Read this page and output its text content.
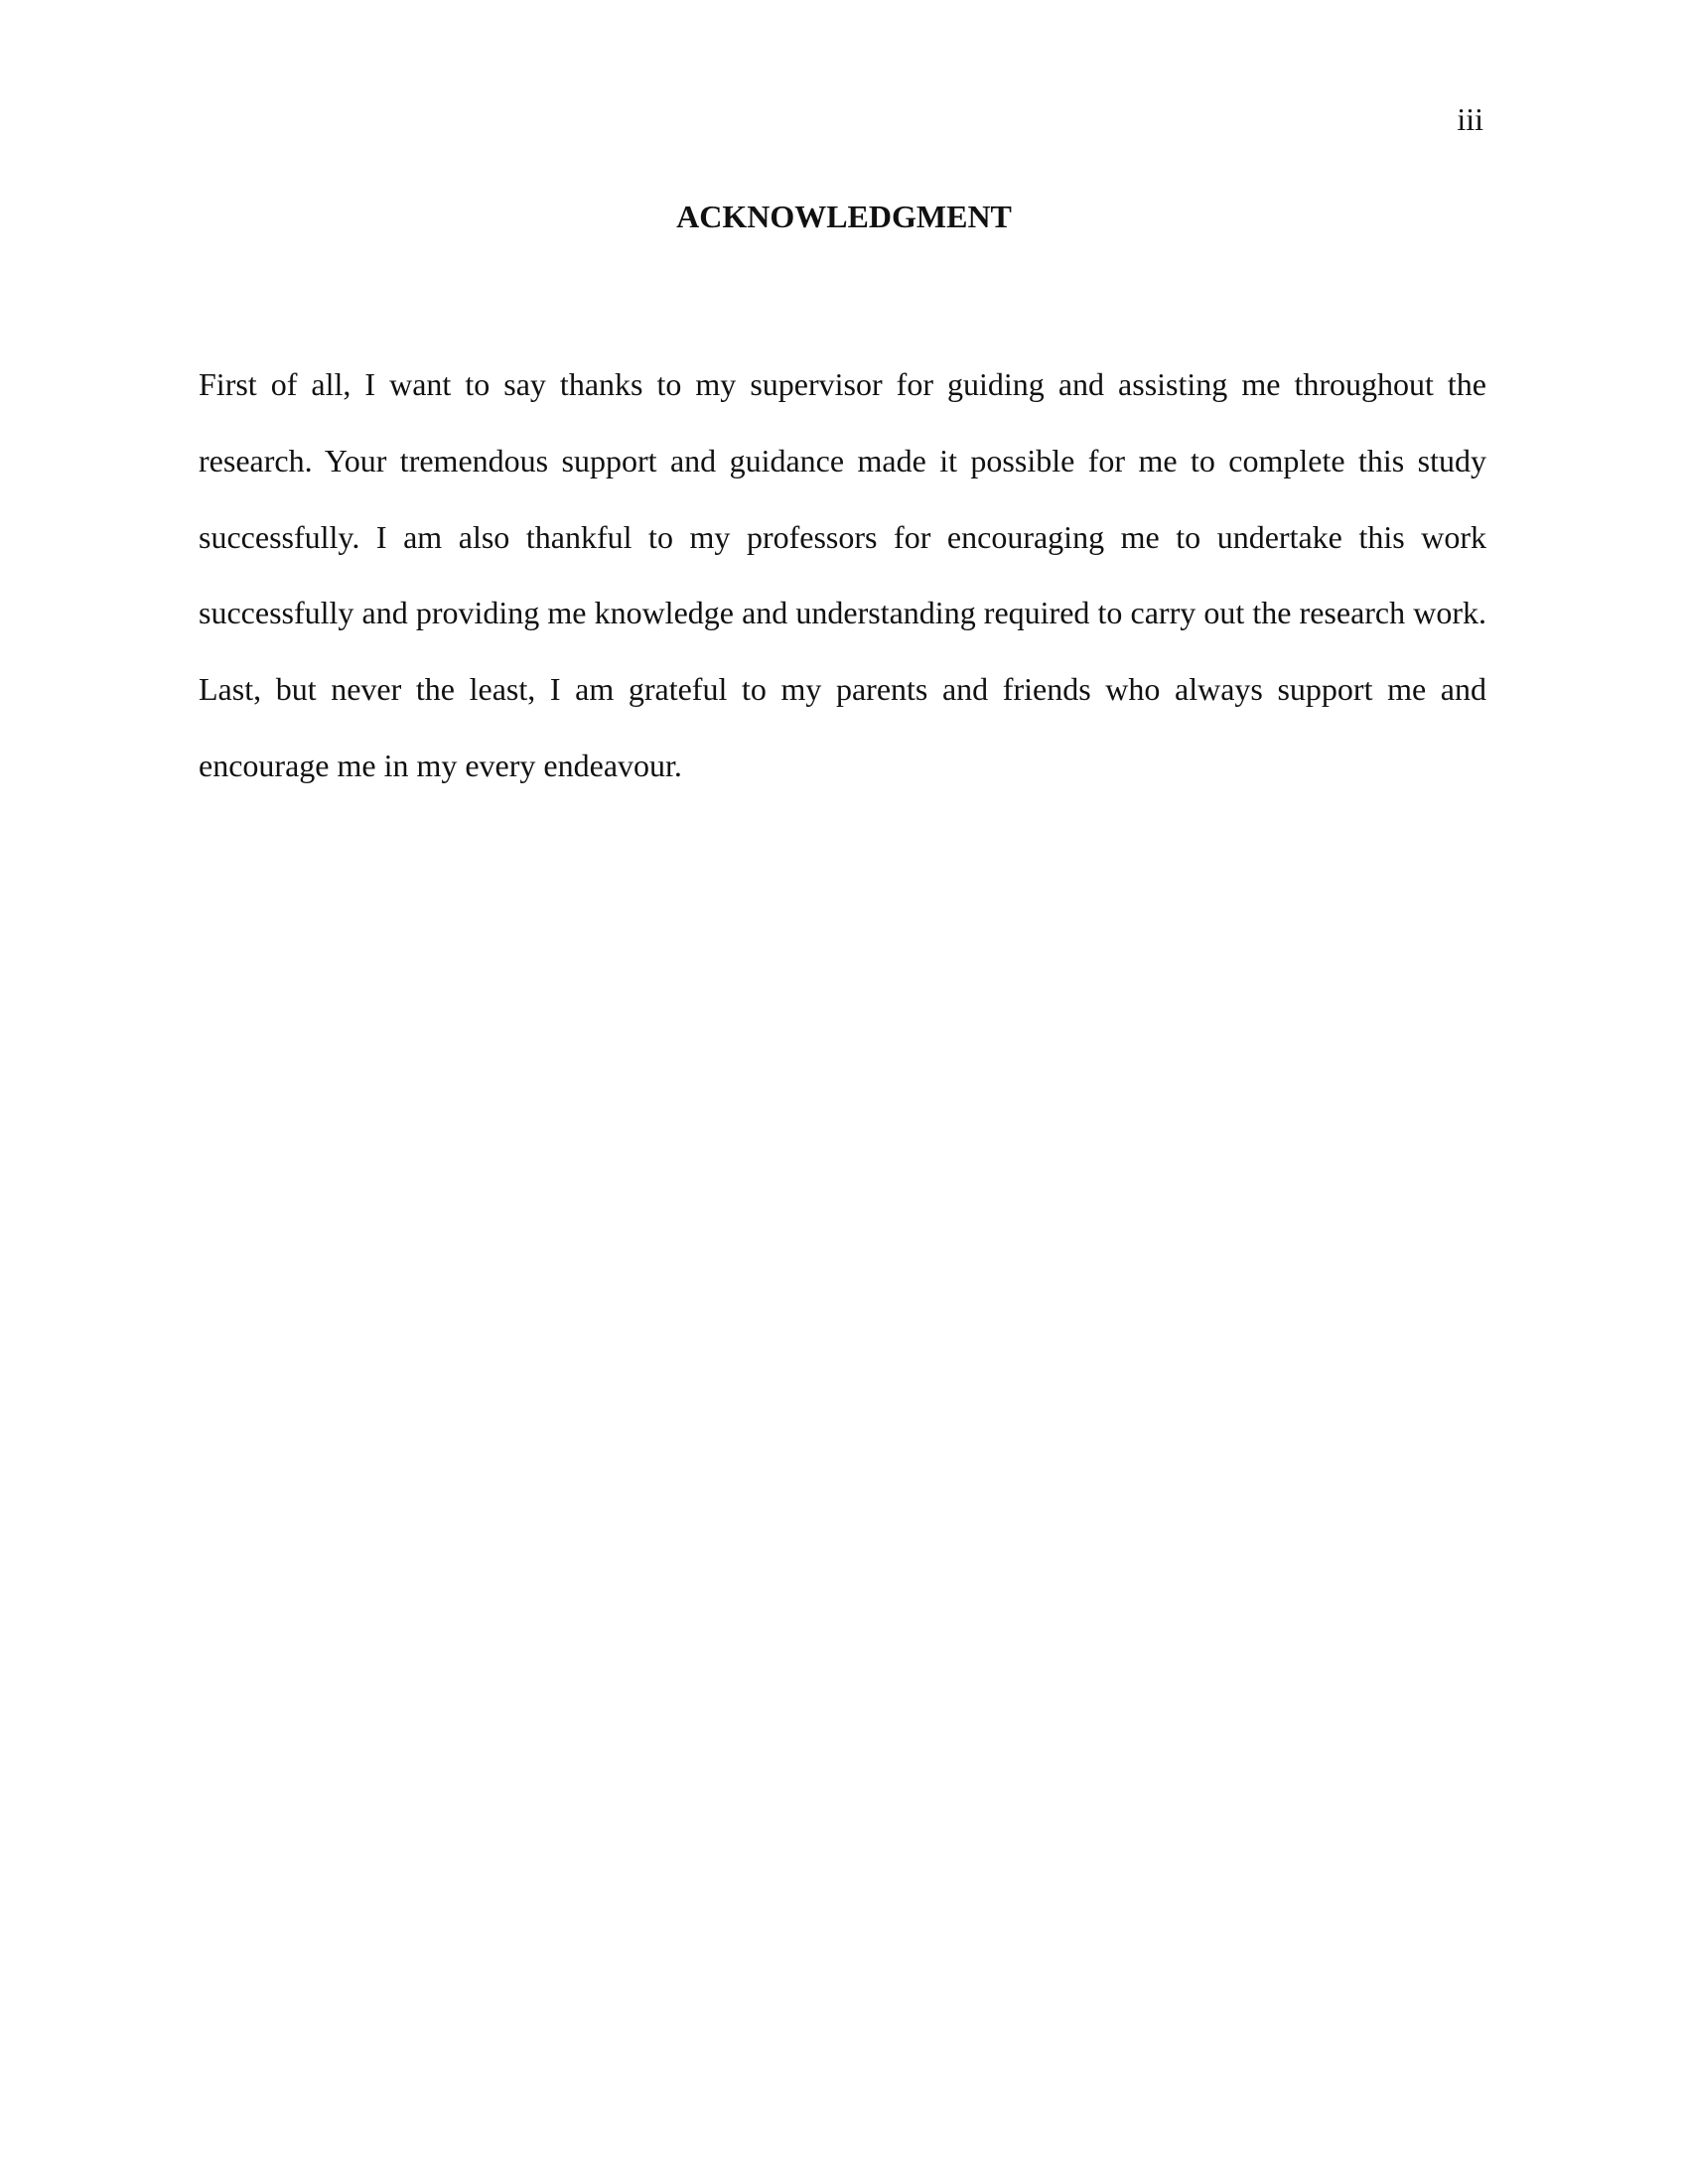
iii

ACKNOWLEDGMENT

First of all, I want to say thanks to my supervisor for guiding and assisting me throughout the research. Your tremendous support and guidance made it possible for me to complete this study successfully. I am also thankful to my professors for encouraging me to undertake this work successfully and providing me knowledge and understanding required to carry out the research work. Last, but never the least, I am grateful to my parents and friends who always support me and encourage me in my every endeavour.
